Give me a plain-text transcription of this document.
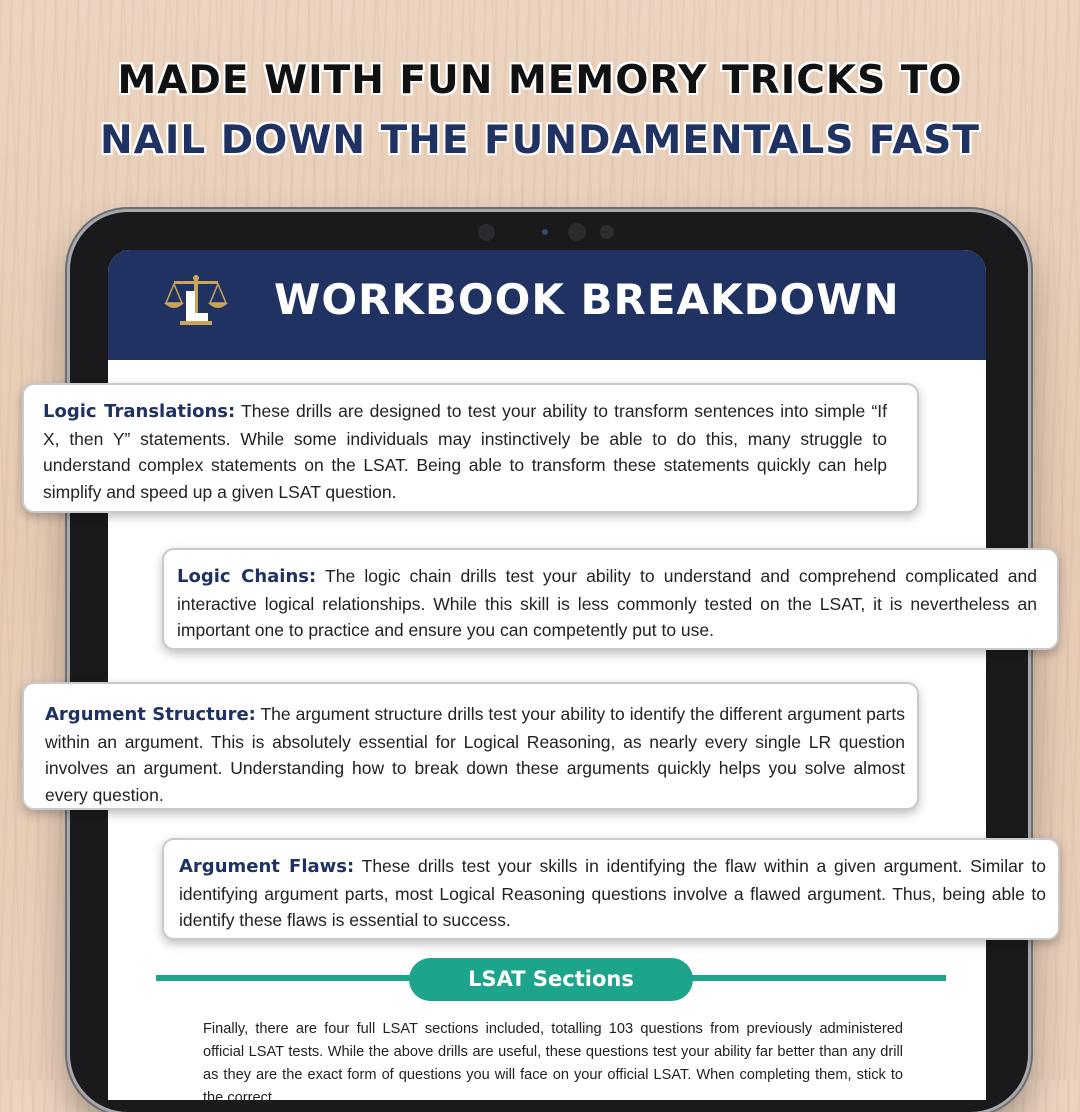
MADE WITH FUN MEMORY TRICKS TO
NAIL DOWN THE FUNDAMENTALS FAST
WORKBOOK BREAKDOWN

Logic Translations: These drills are designed to test your ability to transform sentences into simple “If X, then Y” statements. While some individuals may instinctively be able to do this, many struggle to understand complex statements on the LSAT. Being able to transform these statements quickly can help simplify and speed up a given LSAT question.

Logic Chains: The logic chain drills test your ability to understand and comprehend complicated and interactive logical relationships. While this skill is less commonly tested on the LSAT, it is nevertheless an important one to practice and ensure you can competently put to use.

Argument Structure: The argument structure drills test your ability to identify the different argument parts within an argument. This is absolutely essential for Logical Reasoning, as nearly every single LR question involves an argument. Understanding how to break down these arguments quickly helps you solve almost every question.

Argument Flaws: These drills test your skills in identifying the flaw within a given argument. Similar to identifying argument parts, most Logical Reasoning questions involve a flawed argument. Thus, being able to identify these flaws is essential to success.

LSAT Sections
Finally, there are four full LSAT sections included, totalling 103 questions from previously administered official LSAT tests. While the above drills are useful, these questions test your ability far better than any drill as they are the exact form of questions you will face on your official LSAT. When completing them, stick to the correct
